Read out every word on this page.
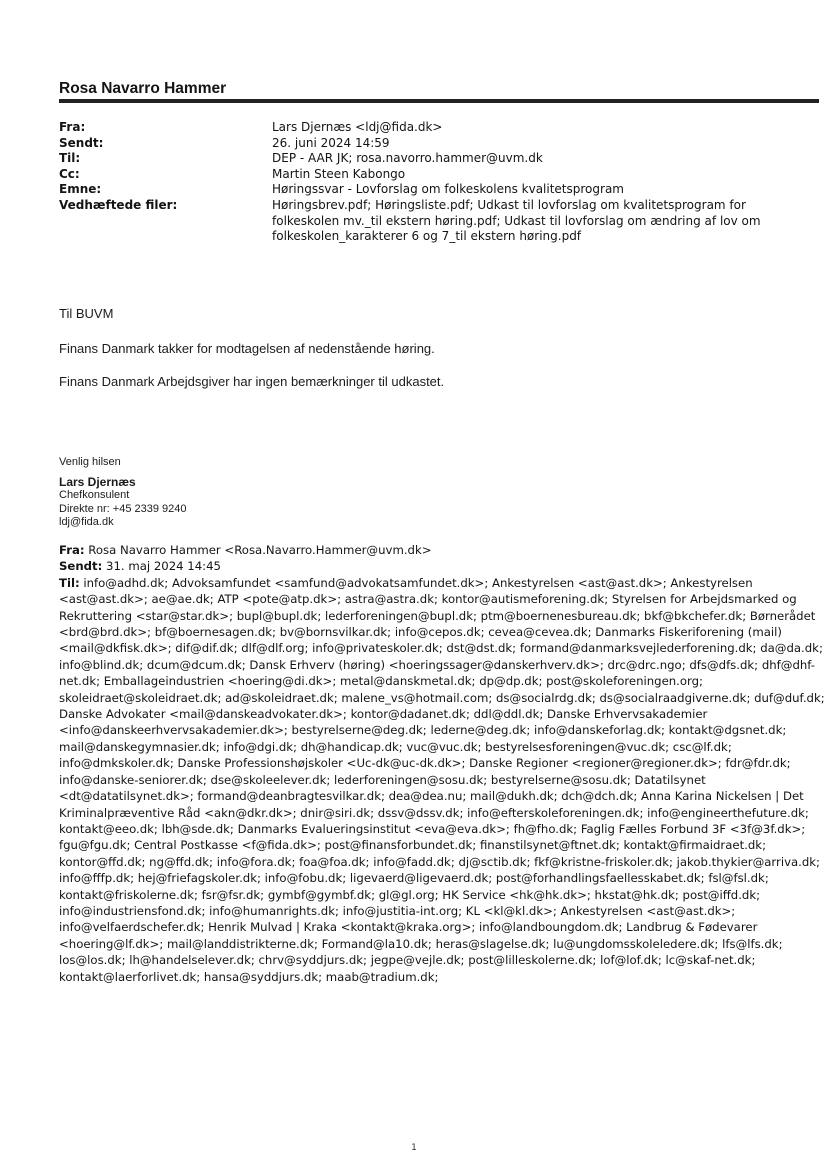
Rosa Navarro Hammer
Fra:	Lars Djernæs <ldj@fida.dk>
Sendt:	26. juni 2024 14:59
Til:	DEP - AAR JK; rosa.navorro.hammer@uvm.dk
Cc:	Martin Steen Kabongo
Emne:	Høringssvar - Lovforslag om folkeskolens kvalitetsprogram
Vedhæftede filer:	Høringsbrev.pdf; Høringsliste.pdf; Udkast til lovforslag om kvalitetsprogram for folkeskolen mv._til ekstern høring.pdf; Udkast til lovforslag om ændring af lov om folkeskolen_karakterer 6 og 7_til ekstern høring.pdf
Til BUVM
Finans Danmark takker for modtagelsen af nedenstående høring.
Finans Danmark Arbejdsgiver har ingen bemærkninger til udkastet.
Venlig hilsen
Lars Djernæs
Chefkonsulent
Direkte nr: +45 2339 9240
ldj@fida.dk

Fra: Rosa Navarro Hammer <Rosa.Navarro.Hammer@uvm.dk>

Sendt: 31. maj 2024 14:45

Til: info@adhd.dk; Advoksamfundet <samfund@advokatsamfundet.dk>; Ankestyrelsen <ast@ast.dk>; Ankestyrelsen <ast@ast.dk>; ae@ae.dk; ATP <pote@atp.dk>; astra@astra.dk; kontor@autismeforening.dk; Styrelsen for Arbejdsmarked og Rekruttering <star@star.dk>; bupl@bupl.dk; lederforeningen@bupl.dk; ptm@boernenesbureau.dk; bkf@bkchefer.dk; Børnerådet <brd@brd.dk>; bf@boernesagen.dk; bv@bornsvilkar.dk; info@cepos.dk; cevea@cevea.dk; Danmarks Fiskeriforening (mail) <mail@dkfisk.dk>; dif@dif.dk; dlf@dlf.org; info@privateskoler.dk; dst@dst.dk; formand@danmarksvejlederforening.dk; da@da.dk; info@blind.dk; dcum@dcum.dk; Dansk Erhverv (høring) <hoeringssager@danskerhverv.dk>; drc@drc.ngo; dfs@dfs.dk; dhf@dhf-net.dk; Emballageindustrien <hoering@di.dk>; metal@danskmetal.dk; dp@dp.dk; post@skoleforeningen.org; skoleidraet@skoleidraet.dk; ad@skoleidraet.dk; malene_vs@hotmail.com; ds@socialrdg.dk; ds@socialraadgiverne.dk; duf@duf.dk; Danske Advokater <mail@danskeadvokater.dk>; kontor@dadanet.dk; ddl@ddl.dk; Danske Erhvervsakademier <info@danskeerhvervsakademier.dk>; bestyrelserne@deg.dk; lederne@deg.dk; info@danskeforlag.dk; kontakt@dgsnet.dk; mail@danskegymnasier.dk; info@dgi.dk; dh@handicap.dk; vuc@vuc.dk; bestyrelsesforeningen@vuc.dk; csc@lf.dk; info@dmkskoler.dk; Danske Professionshøjskoler <Uc-dk@uc-dk.dk>; Danske Regioner <regioner@regioner.dk>; fdr@fdr.dk; info@danske-seniorer.dk; dse@skoleelever.dk; lederforeningen@sosu.dk; bestyrelserne@sosu.dk; Datatilsynet <dt@datatilsynet.dk>; formand@deanbragtesvilkar.dk; dea@dea.nu; mail@dukh.dk; dch@dch.dk; Anna Karina Nickelsen | Det Kriminalpræventive Råd <akn@dkr.dk>; dnir@siri.dk; dssv@dssv.dk; info@efterskoleforeningen.dk; info@engineerthefuture.dk; kontakt@eeo.dk; lbh@sde.dk; Danmarks Evalueringsinstitut <eva@eva.dk>; fh@fho.dk; Faglig Fælles Forbund 3F <3f@3f.dk>; fgu@fgu.dk; Central Postkasse <f@fida.dk>; post@finansforbundet.dk; finanstilsynet@ftnet.dk; kontakt@firmaidraet.dk; kontor@ffd.dk; ng@ffd.dk; info@fora.dk; foa@foa.dk; info@fadd.dk; dj@sctib.dk; fkf@kristne-friskoler.dk; jakob.thykier@arriva.dk; info@fffp.dk; hej@friefagskoler.dk; info@fobu.dk; ligevaerd@ligevaerd.dk; post@forhandlingsfaellesskabet.dk; fsl@fsl.dk; kontakt@friskolerne.dk; fsr@fsr.dk; gymbf@gymbf.dk; gl@gl.org; HK Service <hk@hk.dk>; hkstat@hk.dk; post@iffd.dk; info@industriensfond.dk; info@humanrights.dk; info@justitia-int.org; KL <kl@kl.dk>; Ankestyrelsen <ast@ast.dk>; info@velfaerdschefer.dk; Henrik Mulvad | Kraka <kontakt@kraka.org>; info@landboungdom.dk; Landbrug & Fødevarer <hoering@lf.dk>; mail@landdistrikterne.dk; Formand@la10.dk; heras@slagelse.dk; lu@ungdomsskoleledere.dk; lfs@lfs.dk; los@los.dk; lh@handelselever.dk; chrv@syddjurs.dk; jegpe@vejle.dk; post@lilleskolerne.dk; lof@lof.dk; lc@skaf-net.dk; kontakt@laerforlivet.dk; hansa@syddjurs.dk; maab@tradium.dk;

1
